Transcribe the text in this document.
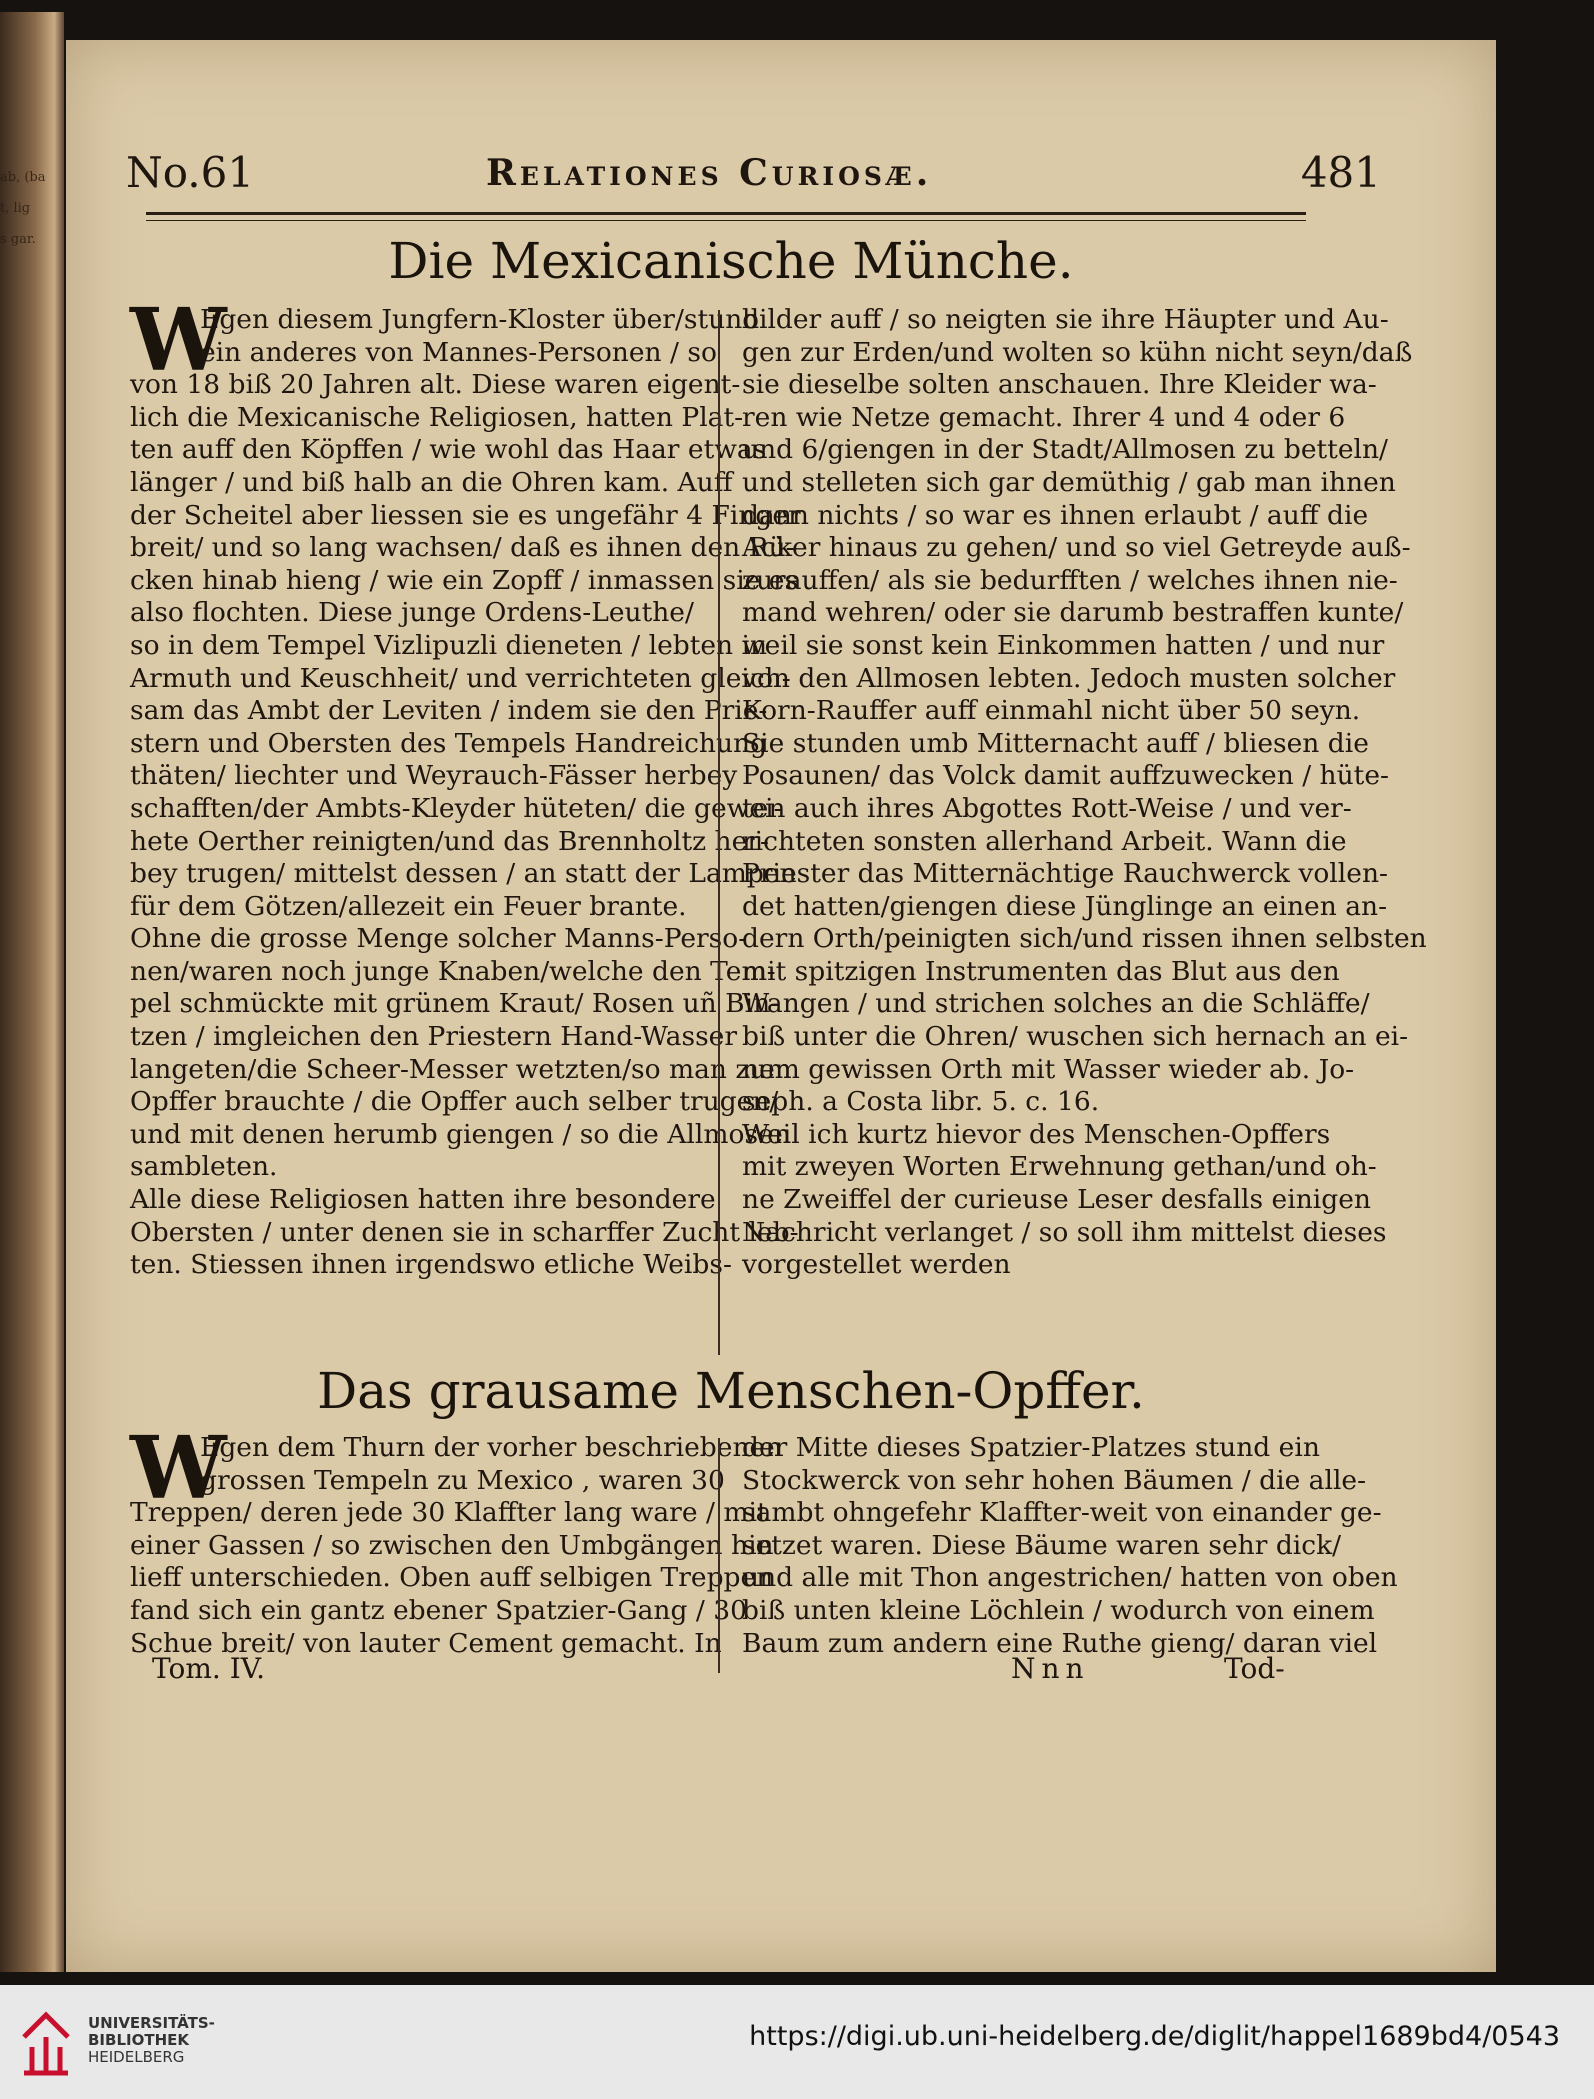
ab, (ba
t, lig
s gar.
No.61	Relationes Curiosæ.	481
Die Mexicanische Münche.
W
Egen diesem Jungfern-Kloster über/stund
ein anderes von Mannes-Personen / so
von 18 biß 20 Jahren alt. Diese waren eigent-
lich die Mexicanische Religiosen, hatten Plat-
ten auff den Köpffen / wie wohl das Haar etwas
länger / und biß halb an die Ohren kam. Auff
der Scheitel aber liessen sie es ungefähr 4 Finger
breit/ und so lang wachsen/ daß es ihnen den Rü-
cken hinab hieng / wie ein Zopff / inmassen sie es
also flochten. Diese junge Ordens-Leuthe/
so in dem Tempel Vizlipuzli dieneten / lebten in
Armuth und Keuschheit/ und verrichteten gleich-
sam das Ambt der Leviten / indem sie den Prie-
stern und Obersten des Tempels Handreichung
thäten/ liechter und Weyrauch-Fässer herbey
schafften/der Ambts-Kleyder hüteten/ die gewei-
hete Oerther reinigten/und das Brennholtz her-
bey trugen/ mittelst dessen / an statt der Lampen
für dem Götzen/allezeit ein Feuer brante.
Ohne die grosse Menge solcher Manns-Perso-
nen/waren noch junge Knaben/welche den Tem-
pel schmückte mit grünem Kraut/ Rosen uñ Bin-
tzen / imgleichen den Priestern Hand-Wasser
langeten/die Scheer-Messer wetzten/so man zum
Opffer brauchte / die Opffer auch selber trugen/
und mit denen herumb giengen / so die Allmosen
sambleten.
Alle diese Religiosen hatten ihre besondere
Obersten / unter denen sie in scharffer Zucht leb-
ten. Stiessen ihnen irgendswo etliche Weibs-
bilder auff / so neigten sie ihre Häupter und Au-
gen zur Erden/und wolten so kühn nicht seyn/daß
sie dieselbe solten anschauen. Ihre Kleider wa-
ren wie Netze gemacht. Ihrer 4 und 4 oder 6
und 6/giengen in der Stadt/Allmosen zu betteln/
und stelleten sich gar demüthig / gab man ihnen
dann nichts / so war es ihnen erlaubt / auff die
Acker hinaus zu gehen/ und so viel Getreyde auß-
zurauffen/ als sie bedurfften / welches ihnen nie-
mand wehren/ oder sie darumb bestraffen kunte/
weil sie sonst kein Einkommen hatten / und nur
von den Allmosen lebten. Jedoch musten solcher
Korn-Rauffer auff einmahl nicht über 50 seyn.
Sie stunden umb Mitternacht auff / bliesen die
Posaunen/ das Volck damit auffzuwecken / hüte-
ten auch ihres Abgottes Rott-Weise / und ver-
richteten sonsten allerhand Arbeit. Wann die
Priester das Mitternächtige Rauchwerck vollen-
det hatten/giengen diese Jünglinge an einen an-
dern Orth/peinigten sich/und rissen ihnen selbsten
mit spitzigen Instrumenten das Blut aus den
Wangen / und strichen solches an die Schläffe/
biß unter die Ohren/ wuschen sich hernach an ei-
nem gewissen Orth mit Wasser wieder ab. Jo-
seph. a Costa libr. 5. c. 16.
Weil ich kurtz hievor des Menschen-Opffers
mit zweyen Worten Erwehnung gethan/und oh-
ne Zweiffel der curieuse Leser desfalls einigen
Nachricht verlanget / so soll ihm mittelst dieses
vorgestellet werden
Das grausame Menschen-Opffer.
W
Egen dem Thurn der vorher beschriebenen
grossen Tempeln zu Mexico , waren 30
Treppen/ deren jede 30 Klaffter lang ware / mit
einer Gassen / so zwischen den Umbgängen hin
lieff unterschieden. Oben auff selbigen Treppen
fand sich ein gantz ebener Spatzier-Gang / 30
Schue breit/ von lauter Cement gemacht. In
der Mitte dieses Spatzier-Platzes stund ein
Stockwerck von sehr hohen Bäumen / die alle-
sambt ohngefehr Klaffter-weit von einander ge-
setzet waren. Diese Bäume waren sehr dick/
und alle mit Thon angestrichen/ hatten von oben
biß unten kleine Löchlein / wodurch von einem
Baum zum andern eine Ruthe gieng/ daran viel
Tom. IV.	Nnn	Tod-
UNIVERSITÄTS-
BIBLIOTHEK
HEIDELBERG
https://digi.ub.uni-heidelberg.de/diglit/happel1689bd4/0543
